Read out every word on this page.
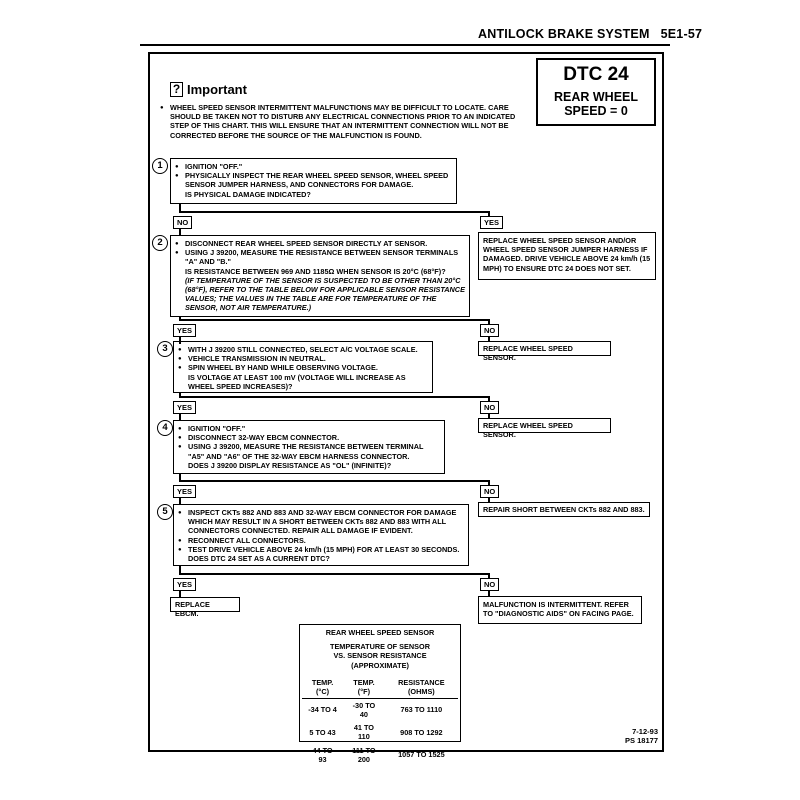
ANTILOCK BRAKE SYSTEM 5E1-57
DTC 24
REAR WHEEL
SPEED = 0
? Important
● WHEEL SPEED SENSOR INTERMITTENT MALFUNCTIONS MAY BE DIFFICULT TO LOCATE. CARE SHOULD BE TAKEN NOT TO DISTURB ANY ELECTRICAL CONNECTIONS PRIOR TO AN INDICATED STEP OF THIS CHART. THIS WILL ENSURE THAT AN INTERMITTENT CONNECTION WILL NOT BE CORRECTED BEFORE THE SOURCE OF THE MALFUNCTION IS FOUND.
1	● IGNITION "OFF."
● PHYSICALLY INSPECT THE REAR WHEEL SPEED SENSOR, WHEEL SPEED SENSOR JUMPER HARNESS, AND CONNECTORS FOR DAMAGE.
IS PHYSICAL DAMAGE INDICATED?
NO	YES
REPLACE WHEEL SPEED SENSOR AND/OR WHEEL SPEED SENSOR JUMPER HARNESS IF DAMAGED. DRIVE VEHICLE ABOVE 24 km/h (15 MPH) TO ENSURE DTC 24 DOES NOT SET.
2	● DISCONNECT REAR WHEEL SPEED SENSOR DIRECTLY AT SENSOR.
● USING J 39200, MEASURE THE RESISTANCE BETWEEN SENSOR TERMINALS "A" AND "B."
IS RESISTANCE BETWEEN 969 AND 1185Ω WHEN SENSOR IS 20°C (68°F)?
(IF TEMPERATURE OF THE SENSOR IS SUSPECTED TO BE OTHER THAN 20°C (68°F), REFER TO THE TABLE BELOW FOR APPLICABLE SENSOR RESISTANCE VALUES; THE VALUES IN THE TABLE ARE FOR TEMPERATURE OF THE SENSOR, NOT AIR TEMPERATURE.)
YES	NO
REPLACE WHEEL SPEED SENSOR.
3	● WITH J 39200 STILL CONNECTED, SELECT A/C VOLTAGE SCALE.
● VEHICLE TRANSMISSION IN NEUTRAL.
● SPIN WHEEL BY HAND WHILE OBSERVING VOLTAGE.
IS VOLTAGE AT LEAST 100 mV (VOLTAGE WILL INCREASE AS WHEEL SPEED INCREASES)?
YES	NO
REPLACE WHEEL SPEED SENSOR.
4	● IGNITION "OFF."
● DISCONNECT 32-WAY EBCM CONNECTOR.
● USING J 39200, MEASURE THE RESISTANCE BETWEEN TERMINAL "A5" AND "A6" OF THE 32-WAY EBCM HARNESS CONNECTOR.
DOES J 39200 DISPLAY RESISTANCE AS "OL" (INFINITE)?
YES	NO
REPAIR SHORT BETWEEN CKTs 882 AND 883.
5	● INSPECT CKTs 882 AND 883 AND 32-WAY EBCM CONNECTOR FOR DAMAGE WHICH MAY RESULT IN A SHORT BETWEEN CKTs 882 AND 883 WITH ALL CONNECTORS CONNECTED. REPAIR ALL DAMAGE IF EVIDENT.
● RECONNECT ALL CONNECTORS.
● TEST DRIVE VEHICLE ABOVE 24 km/h (15 MPH) FOR AT LEAST 30 SECONDS.
DOES DTC 24 SET AS A CURRENT DTC?
YES	NO
REPLACE EBCM.
MALFUNCTION IS INTERMITTENT. REFER TO "DIAGNOSTIC AIDS" ON FACING PAGE.
REAR WHEEL SPEED SENSOR
TEMPERATURE OF SENSOR
VS. SENSOR RESISTANCE
(APPROXIMATE)
TEMP. (°C)	TEMP. (°F)	RESISTANCE (OHMS)
-34 TO 4	-30 TO 40	763 TO 1110
5 TO 43	41 TO 110	908 TO 1292
44 TO 93	111 TO 200	1057 TO 1525
7-12-93
PS 18177
